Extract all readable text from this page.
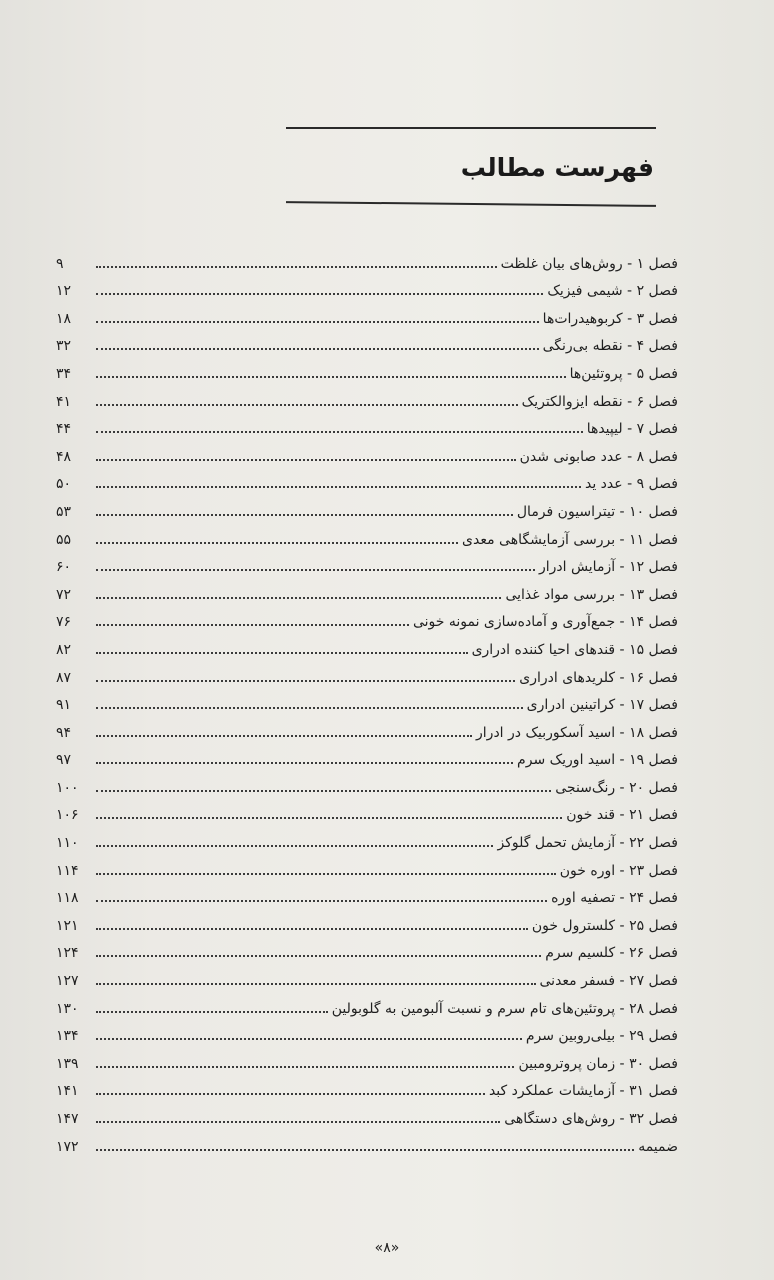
فهرست مطالب
فصل ۱ - روش‌های بیان غلظت
۹
فصل ۲ - شیمی فیزیک
۱۲
فصل ۳ - کربوهیدرات‌ها
۱۸
فصل ۴ - نقطه بی‌رنگی
۳۲
فصل ۵ - پروتئین‌ها
۳۴
فصل ۶ - نقطه ایزوالکتریک
۴۱
فصل ۷ - لیپیدها
۴۴
فصل ۸ - عدد صابونی شدن
۴۸
فصل ۹ - عدد ید
۵۰
فصل ۱۰ - تیتراسیون فرمال
۵۳
فصل ۱۱ - بررسی آزمایشگاهی معدی
۵۵
فصل ۱۲ - آزمایش ادرار
۶۰
فصل ۱۳ - بررسی مواد غذایی
۷۲
فصل ۱۴ - جمع‌آوری و آماده‌سازی نمونه خونی
۷۶
فصل ۱۵ - قندهای احیا کننده ادراری
۸۲
فصل ۱۶ - کلریدهای ادراری
۸۷
فصل ۱۷ - کراتینین ادراری
۹۱
فصل ۱۸ - اسید آسکوربیک در ادرار
۹۴
فصل ۱۹ - اسید اوریک سرم
۹۷
فصل ۲۰ - رنگ‌سنجی
۱۰۰
فصل ۲۱ - قند خون
۱۰۶
فصل ۲۲ - آزمایش تحمل گلوکز
۱۱۰
فصل ۲۳ - اوره خون
۱۱۴
فصل ۲۴ - تصفیه اوره
۱۱۸
فصل ۲۵ - کلسترول خون
۱۲۱
فصل ۲۶ - کلسیم سرم
۱۲۴
فصل ۲۷ - فسفر معدنی
۱۲۷
فصل ۲۸ - پروتئین‌های تام سرم و نسبت آلبومین به گلوبولین
۱۳۰
فصل ۲۹ - بیلی‌روبین سرم
۱۳۴
فصل ۳۰ - زمان پروترومبین
۱۳۹
فصل ۳۱ - آزمایشات عملکرد کبد
۱۴۱
فصل ۳۲ - روش‌های دستگاهی
۱۴۷
ضمیمه
۱۷۲
«۸»
